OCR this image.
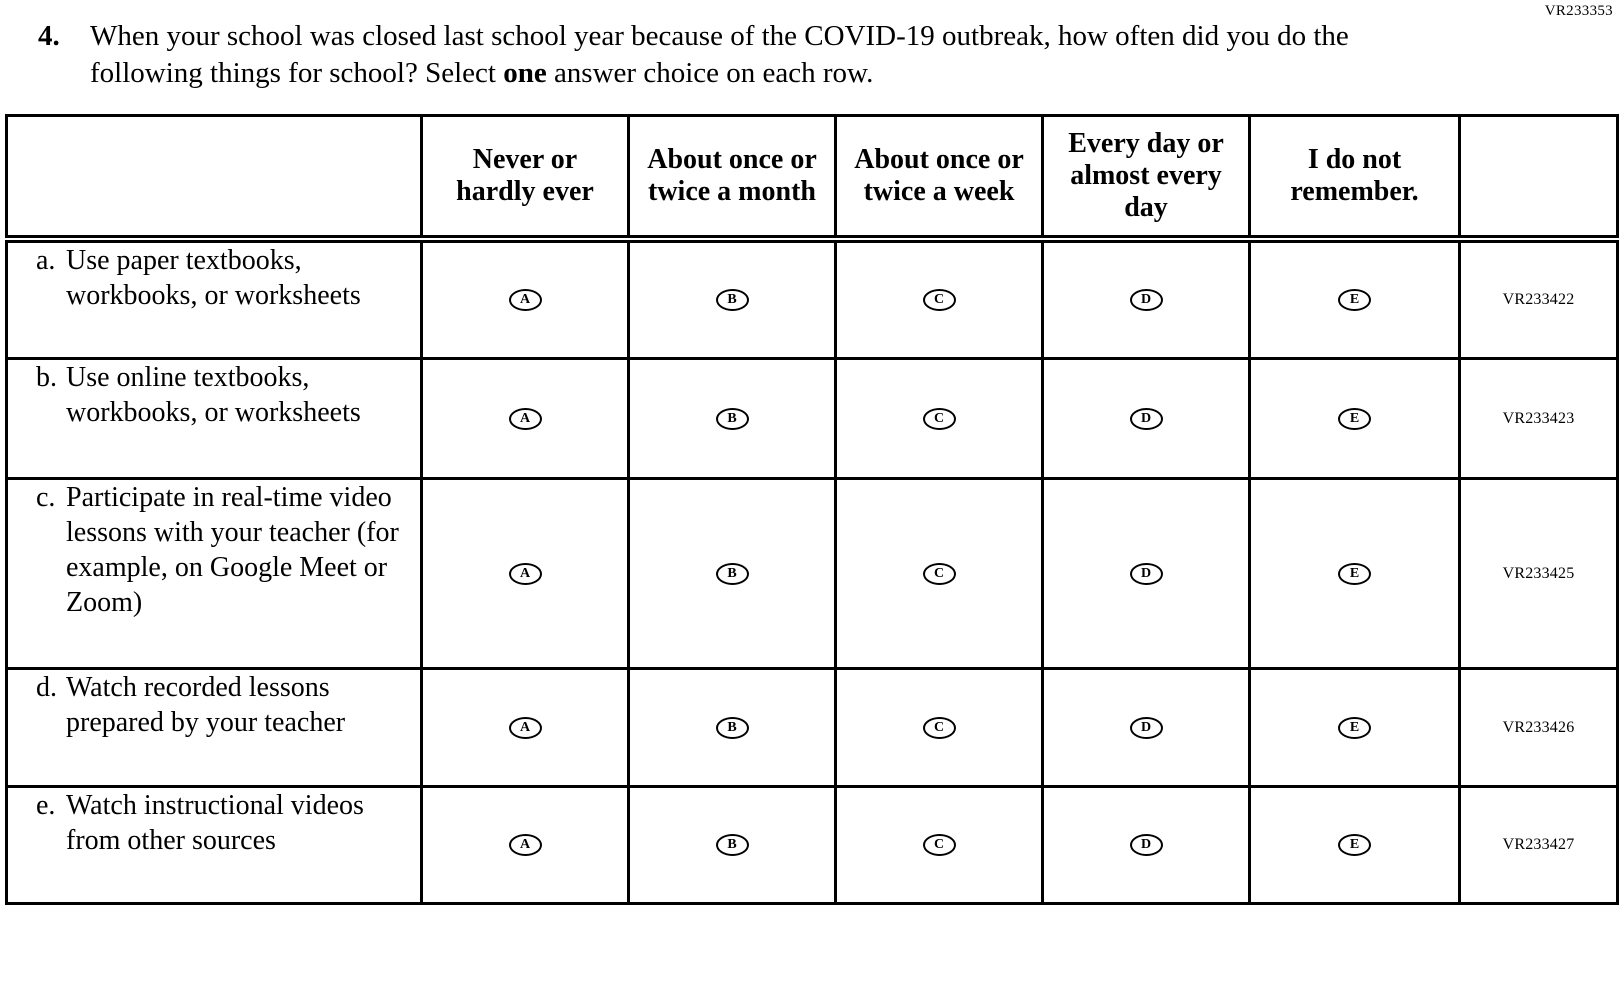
VR233353
4.	When your school was closed last school year because of the COVID-19 outbreak, how often did you do the following things for school? Select one answer choice on each row.
	Never or hardly ever	About once or twice a month	About once or twice a week	Every day or almost every day	I do not remember.	

a. Use paper textbooks, workbooks, or worksheets	A	B	C	D	E	VR233422

b. Use online textbooks, workbooks, or worksheets	A	B	C	D	E	VR233423

c. Participate in real-time video lessons with your teacher (for example, on Google Meet or Zoom)	A	B	C	D	E	VR233425

d. Watch recorded lessons prepared by your teacher	A	B	C	D	E	VR233426

e. Watch instructional videos from other sources	A	B	C	D	E	VR233427
